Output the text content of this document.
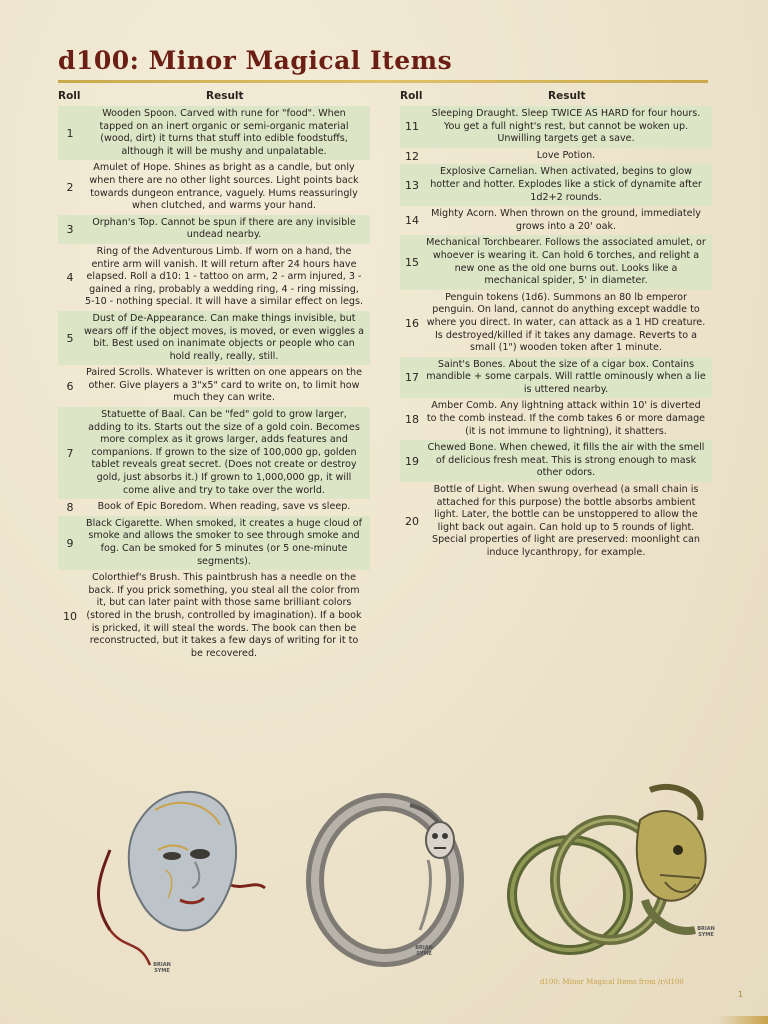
d100: Minor Magical Items
Roll	Result
1
Wooden Spoon. Carved with rune for "food". When tapped on an inert organic or semi-organic material (wood, dirt) it turns that stuff into edible foodstuffs, although it will be mushy and unpalatable.
2
Amulet of Hope. Shines as bright as a candle, but only when there are no other light sources. Light points back towards dungeon entrance, vaguely. Hums reassuringly when clutched, and warms your hand.
3
Orphan's Top. Cannot be spun if there are any invisible undead nearby.
4
Ring of the Adventurous Limb. If worn on a hand, the entire arm will vanish. It will return after 24 hours have elapsed. Roll a d10: 1 - tattoo on arm, 2 - arm injured, 3 - gained a ring, probably a wedding ring, 4 - ring missing, 5-10 - nothing special. It will have a similar effect on legs.
5
Dust of De-Appearance. Can make things invisible, but wears off if the object moves, is moved, or even wiggles a bit. Best used on inanimate objects or people who can hold really, really, still.
6
Paired Scrolls. Whatever is written on one appears on the other. Give players a 3"x5" card to write on, to limit how much they can write.
7
Statuette of Baal. Can be "fed" gold to grow larger, adding to its. Starts out the size of a gold coin. Becomes more complex as it grows larger, adds features and companions. If grown to the size of 100,000 gp, golden tablet reveals great secret. (Does not create or destroy gold, just absorbs it.) If grown to 1,000,000 gp, it will come alive and try to take over the world.
8	Book of Epic Boredom. When reading, save vs sleep.
9
Black Cigarette. When smoked, it creates a huge cloud of smoke and allows the smoker to see through smoke and fog. Can be smoked for 5 minutes (or 5 one-minute segments).
10
Colorthief's Brush. This paintbrush has a needle on the back. If you prick something, you steal all the color from it, but can later paint with those same brilliant colors (stored in the brush, controlled by imagination). If a book is pricked, it will steal the words. The book can then be reconstructed, but it takes a few days of writing for it to be recovered.
Roll	Result
11
Sleeping Draught. Sleep TWICE AS HARD for four hours. You get a full night's rest, but cannot be woken up. Unwilling targets get a save.
12	Love Potion.
13
Explosive Carnelian. When activated, begins to glow hotter and hotter. Explodes like a stick of dynamite after 1d2+2 rounds.
14
Mighty Acorn. When thrown on the ground, immediately grows into a 20' oak.
15
Mechanical Torchbearer. Follows the associated amulet, or whoever is wearing it. Can hold 6 torches, and relight a new one as the old one burns out. Looks like a mechanical spider, 5' in diameter.
16
Penguin tokens (1d6). Summons an 80 lb emperor penguin. On land, cannot do anything except waddle to where you direct. In water, can attack as a 1 HD creature. Is destroyed/killed if it takes any damage. Reverts to a small (1") wooden token after 1 minute.
17
Saint's Bones. About the size of a cigar box. Contains mandible + some carpals. Will rattle ominously when a lie is uttered nearby.
18
Amber Comb. Any lightning attack within 10' is diverted to the comb instead. If the comb takes 6 or more damage (it is not immune to lightning), it shatters.
19
Chewed Bone. When chewed, it fills the air with the smell of delicious fresh meat. This is strong enough to mask other odors.
20
Bottle of Light. When swung overhead (a small chain is attached for this purpose) the bottle absorbs ambient light. Later, the bottle can be unstoppered to allow the light back out again. Can hold up to 5 rounds of light. Special properties of light are preserved: moonlight can induce lycanthropy, for example.
BRIAN SYME
BRIAN SYME
BRIAN SYME
d100: Minor Magical Items from /r/d100
1
